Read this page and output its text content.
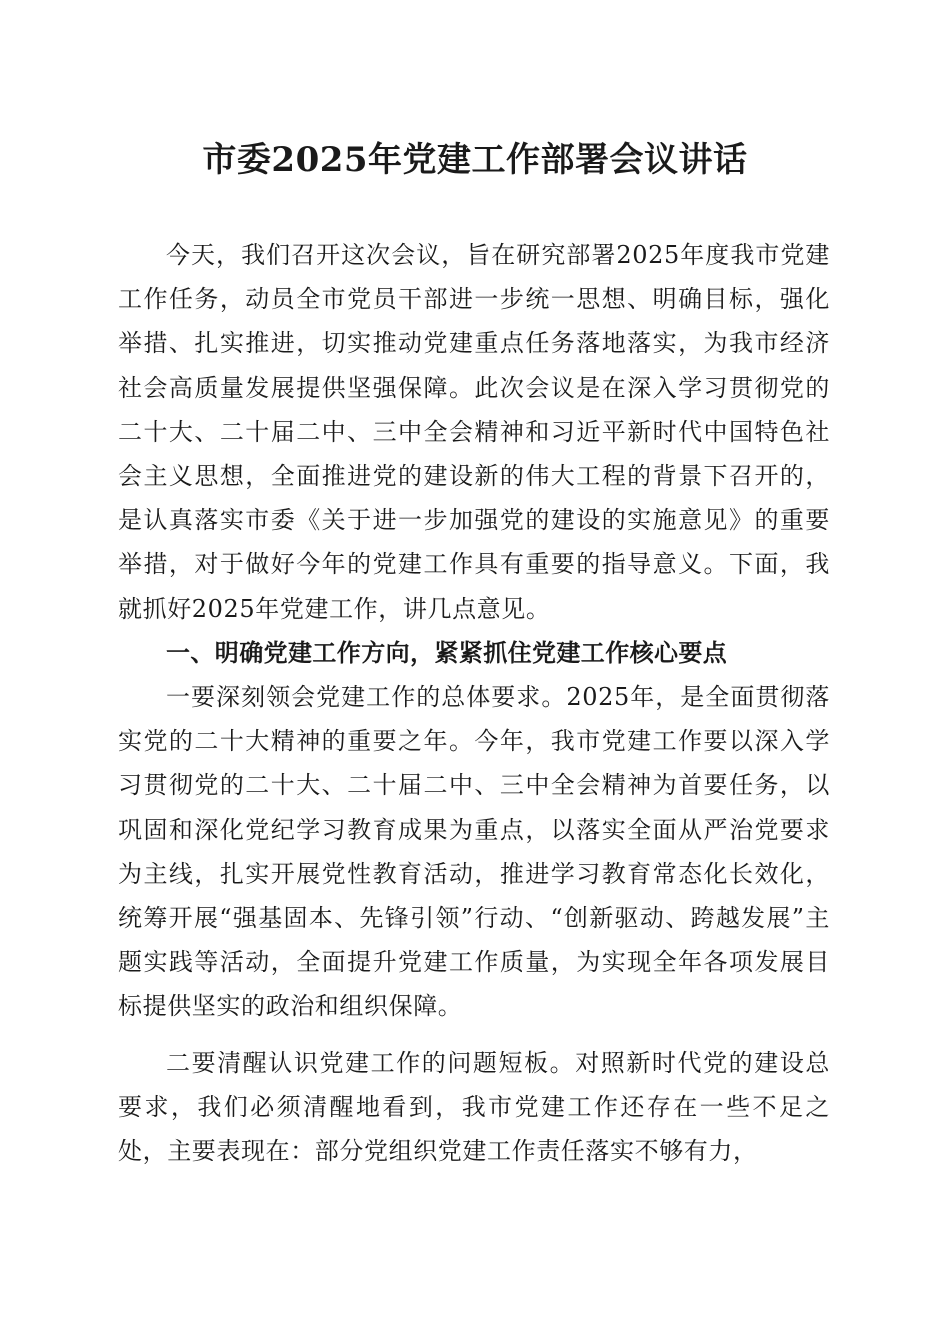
市委2025年党建工作部署会议讲话

今天，我们召开这次会议，旨在研究部署2025年度我市党建工作任务，动员全市党员干部进一步统一思想、明确目标，强化举措、扎实推进，切实推动党建重点任务落地落实，为我市经济社会高质量发展提供坚强保障。此次会议是在深入学习贯彻党的二十大、二十届二中、三中全会精神和习近平新时代中国特色社会主义思想，全面推进党的建设新的伟大工程的背景下召开的，是认真落实市委《关于进一步加强党的建设的实施意见》的重要举措，对于做好今年的党建工作具有重要的指导意义。下面，我就抓好2025年党建工作，讲几点意见。

一、明确党建工作方向，紧紧抓住党建工作核心要点

一要深刻领会党建工作的总体要求。2025年，是全面贯彻落实党的二十大精神的重要之年。今年，我市党建工作要以深入学习贯彻党的二十大、二十届二中、三中全会精神为首要任务，以巩固和深化党纪学习教育成果为重点，以落实全面从严治党要求为主线，扎实开展党性教育活动，推进学习教育常态化长效化，统筹开展“强基固本、先锋引领”行动、“创新驱动、跨越发展”主题实践等活动，全面提升党建工作质量，为实现全年各项发展目标提供坚实的政治和组织保障。

二要清醒认识党建工作的问题短板。对照新时代党的建设总要求，我们必须清醒地看到，我市党建工作还存在一些不足之处，主要表现在：部分党组织党建工作责任落实不够有力，
